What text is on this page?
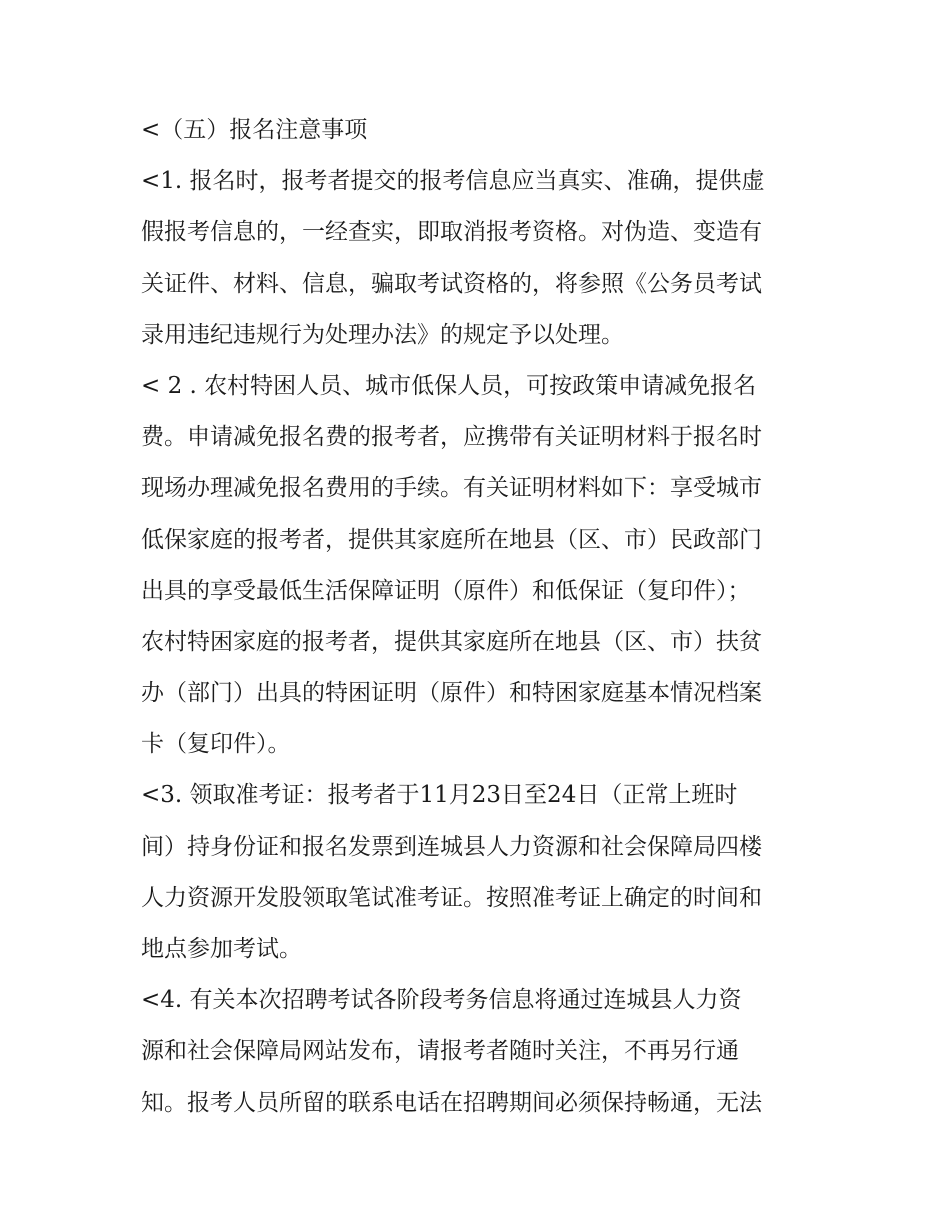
<（五）报名注意事项
<1. 报名时，报考者提交的报考信息应当真实、准确，提供虚
假报考信息的，一经查实，即取消报考资格。对伪造、变造有
关证件、材料、信息，骗取考试资格的，将参照《公务员考试
录用违纪违规行为处理办法》的规定予以处理。
< 2 . 农村特困人员、城市低保人员，可按政策申请减免报名
费。申请减免报名费的报考者，应携带有关证明材料于报名时
现场办理减免报名费用的手续。有关证明材料如下：享受城市
低保家庭的报考者，提供其家庭所在地县（区、市）民政部门
出具的享受最低生活保障证明（原件）和低保证（复印件）；
农村特困家庭的报考者，提供其家庭所在地县（区、市）扶贫
办（部门）出具的特困证明（原件）和特困家庭基本情况档案
卡（复印件）。
<3. 领取准考证：报考者于11月23日至24日（正常上班时
间）持身份证和报名发票到连城县人力资源和社会保障局四楼
人力资源开发股领取笔试准考证。按照准考证上确定的时间和
地点参加考试。
<4. 有关本次招聘考试各阶段考务信息将通过连城县人力资
源和社会保障局网站发布，请报考者随时关注，不再另行通
知。报考人员所留的联系电话在招聘期间必须保持畅通，无法
